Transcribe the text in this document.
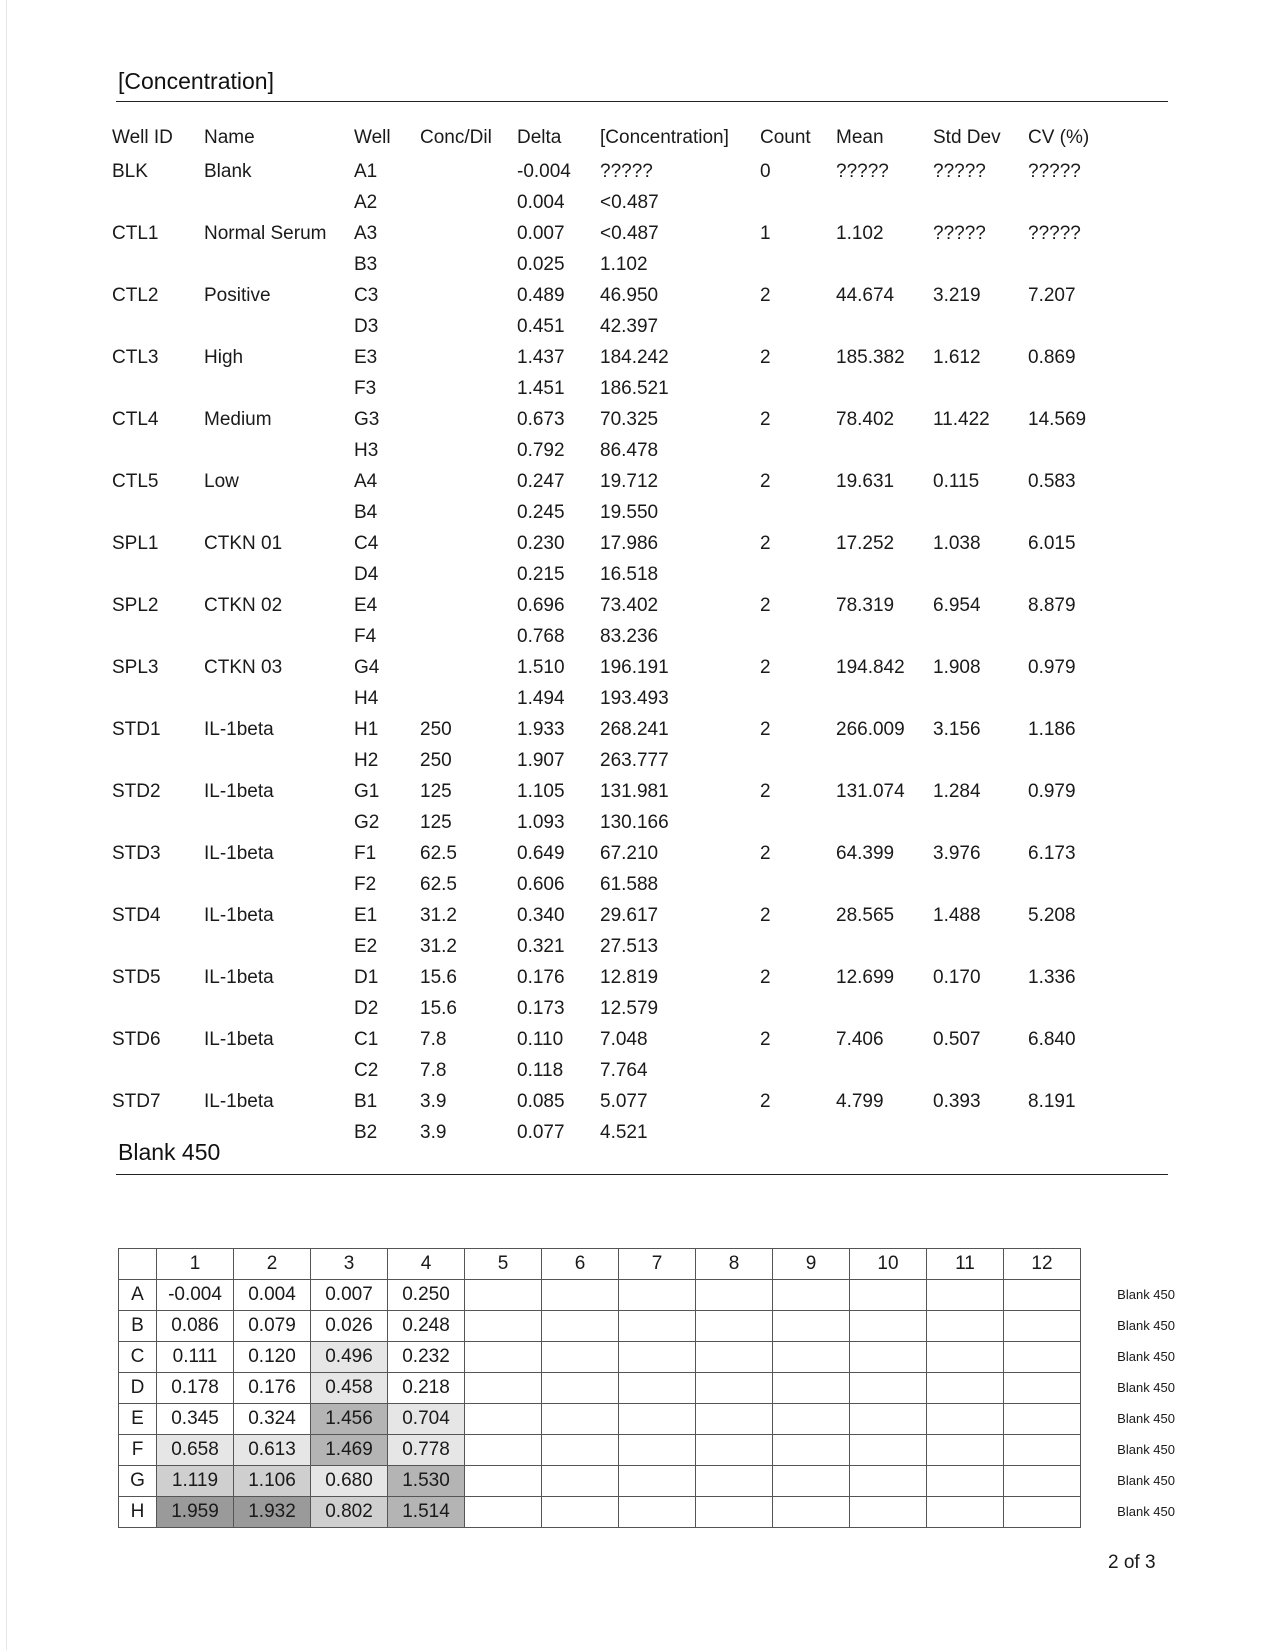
[Concentration]
Well ID	Name	Well	Conc/Dil	Delta	[Concentration]	Count	Mean	Std Dev	CV (%)
BLK	Blank	A1		-0.004	?????	0	?????	?????	?????
		A2		0.004	<0.487				
CTL1	Normal Serum	A3		0.007	<0.487	1	1.102	?????	?????
		B3		0.025	1.102				
CTL2	Positive	C3		0.489	46.950	2	44.674	3.219	7.207
		D3		0.451	42.397				
CTL3	High	E3		1.437	184.242	2	185.382	1.612	0.869
		F3		1.451	186.521				
CTL4	Medium	G3		0.673	70.325	2	78.402	11.422	14.569
		H3		0.792	86.478				
CTL5	Low	A4		0.247	19.712	2	19.631	0.115	0.583
		B4		0.245	19.550				
SPL1	CTKN 01	C4		0.230	17.986	2	17.252	1.038	6.015
		D4		0.215	16.518				
SPL2	CTKN 02	E4		0.696	73.402	2	78.319	6.954	8.879
		F4		0.768	83.236				
SPL3	CTKN 03	G4		1.510	196.191	2	194.842	1.908	0.979
		H4		1.494	193.493				
STD1	IL-1beta	H1	250	1.933	268.241	2	266.009	3.156	1.186
		H2	250	1.907	263.777				
STD2	IL-1beta	G1	125	1.105	131.981	2	131.074	1.284	0.979
		G2	125	1.093	130.166				
STD3	IL-1beta	F1	62.5	0.649	67.210	2	64.399	3.976	6.173
		F2	62.5	0.606	61.588				
STD4	IL-1beta	E1	31.2	0.340	29.617	2	28.565	1.488	5.208
		E2	31.2	0.321	27.513				
STD5	IL-1beta	D1	15.6	0.176	12.819	2	12.699	0.170	1.336
		D2	15.6	0.173	12.579				
STD6	IL-1beta	C1	7.8	0.110	7.048	2	7.406	0.507	6.840
		C2	7.8	0.118	7.764				
STD7	IL-1beta	B1	3.9	0.085	5.077	2	4.799	0.393	8.191
		B2	3.9	0.077	4.521				
Blank 450
	1	2	3	4	5	6	7	8	9	10	11	12	
A	-0.004	0.004	0.007	0.250									Blank 450
B	0.086	0.079	0.026	0.248									Blank 450
C	0.111	0.120	0.496	0.232									Blank 450
D	0.178	0.176	0.458	0.218									Blank 450
E	0.345	0.324	1.456	0.704									Blank 450
F	0.658	0.613	1.469	0.778									Blank 450
G	1.119	1.106	0.680	1.530									Blank 450
H	1.959	1.932	0.802	1.514									Blank 450
2 of 3
